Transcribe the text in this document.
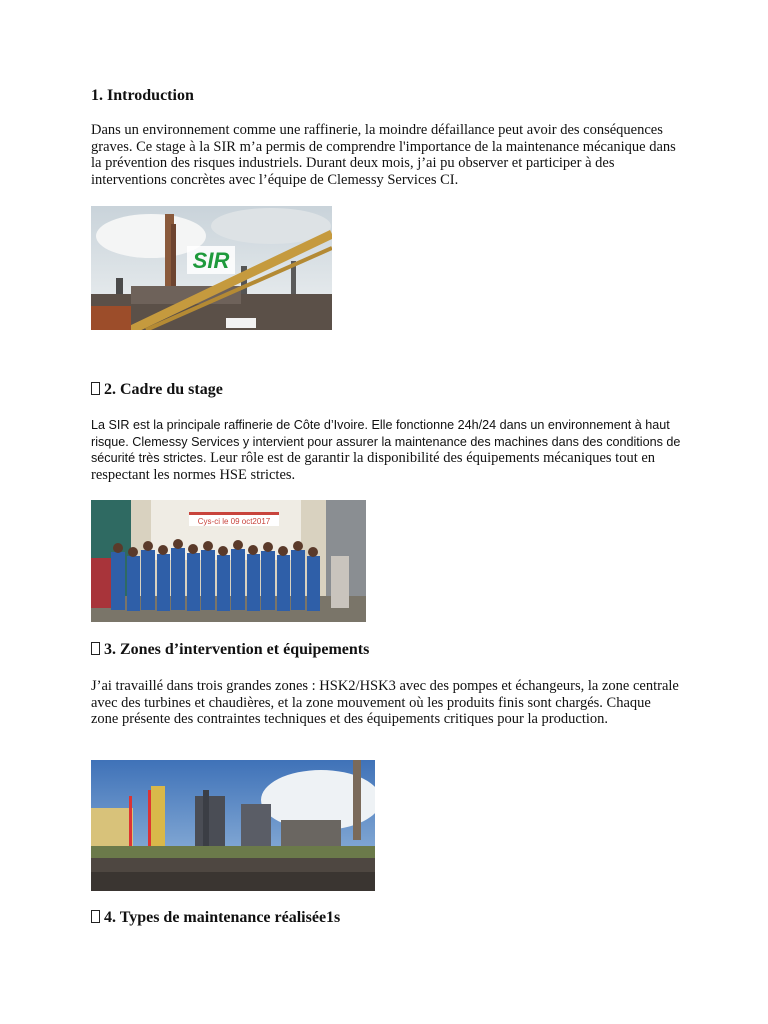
1. Introduction

Dans un environnement comme une raffinerie, la moindre défaillance peut avoir des conséquences graves. Ce stage à la SIR m’a permis de comprendre l'importance de la maintenance mécanique dans la prévention des risques industriels. Durant deux mois, j’ai pu observer et participer à des interventions concrètes avec l’équipe de Clemessy Services CI.

SIR
2. Cadre du stage

La SIR est la principale raffinerie de Côte d’Ivoire. Elle fonctionne 24h/24 dans un environnement à haut risque. Clemessy Services y intervient pour assurer la maintenance des machines dans des conditions de sécurité très strictes. Leur rôle est de garantir la disponibilité des équipements mécaniques tout en respectant les normes HSE strictes.

Cys-ci le 09 oct2017
3. Zones d’intervention et équipements

J’ai travaillé dans trois grandes zones : HSK2/HSK3 avec des pompes et échangeurs, la zone centrale avec des turbines et chaudières, et la zone mouvement où les produits finis sont chargés. Chaque zone présente des contraintes techniques et des équipements critiques pour la production.

4. Types de maintenance réalisée1s
